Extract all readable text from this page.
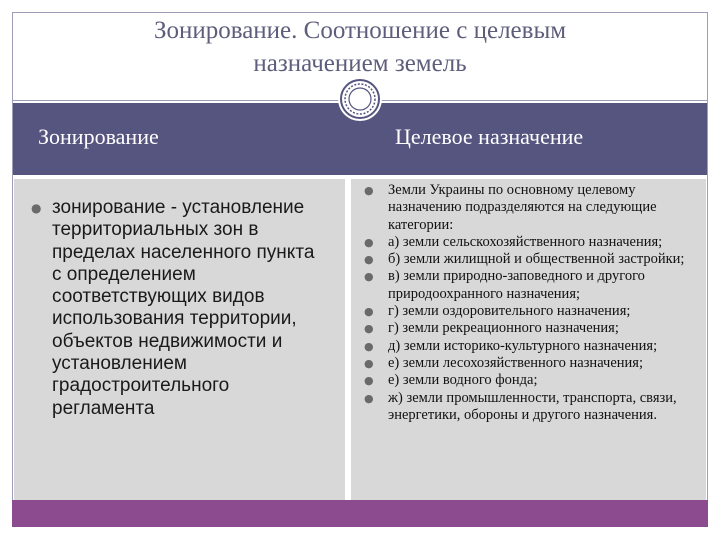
Зонирование. Соотношение с целевым
назначением земель
Зонирование	Целевое назначение
● зонирование - установление территориальных зон в пределах населенного пункта с определением соответствующих видов использования территории, объектов недвижимости и установлением градостроительного регламента
● Земли Украины по основному целевому назначению подразделяются на следующие категории:
● а) земли сельскохозяйственного назначения;
● б) земли жилищной и общественной застройки;
● в) земли природно-заповедного и другого природоохранного назначения;
● г) земли оздоровительного назначения;
● г) земли рекреационного назначения;
● д) земли историко-культурного назначения;
● е) земли лесохозяйственного назначения;
● е) земли водного фонда;
● ж) земли промышленности, транспорта, связи, энергетики, обороны и другого назначения.
